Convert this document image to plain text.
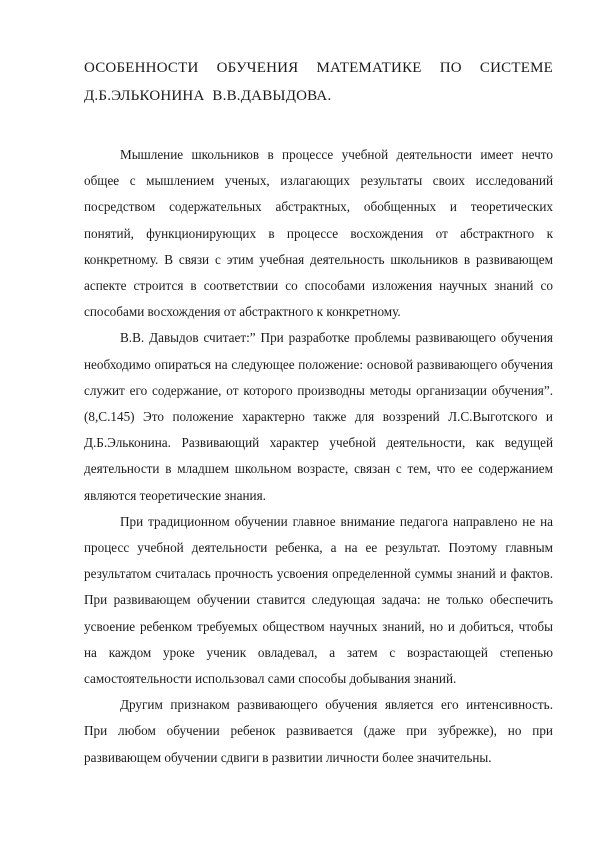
ОСОБЕННОСТИ ОБУЧЕНИЯ МАТЕМАТИКЕ ПО СИСТЕМЕ Д.Б.ЭЛЬКОНИНА В.В.ДАВЫДОВА.

Мышление школьников в процессе учебной деятельности имеет нечто общее с мышлением ученых, излагающих результаты своих исследований посредством содержательных абстрактных, обобщенных и теоретических понятий, функционирующих в процессе восхождения от абстрактного к конкретному. В связи с этим учебная деятельность школьников в развивающем аспекте строится в соответствии со способами изложения научных знаний со способами восхождения от абстрактного к конкретному.

В.В. Давыдов считает:” При разработке проблемы развивающего обучения необходимо опираться на следующее положение: основой развивающего обучения служит его содержание, от которого производны методы организации обучения”.(8,С.145) Это положение характерно также для воззрений Л.С.Выготского и Д.Б.Эльконина. Развивающий характер учебной деятельности, как ведущей деятельности в младшем школьном возрасте, связан с тем, что ее содержанием являются теоретические знания.

При традиционном обучении главное внимание педагога направлено не на процесс учебной деятельности ребенка, а на ее результат. Поэтому главным результатом считалась прочность усвоения определенной суммы знаний и фактов. При развивающем обучении ставится следующая задача: не только обеспечить усвоение ребенком требуемых обществом научных знаний, но и добиться, чтобы на каждом уроке ученик овладевал, а затем с возрастающей степенью самостоятельности использовал сами способы добывания знаний.

Другим признаком развивающего обучения является его интенсивность. При любом обучении ребенок развивается (даже при зубрежке), но при развивающем обучении сдвиги в развитии личности более значительны.
